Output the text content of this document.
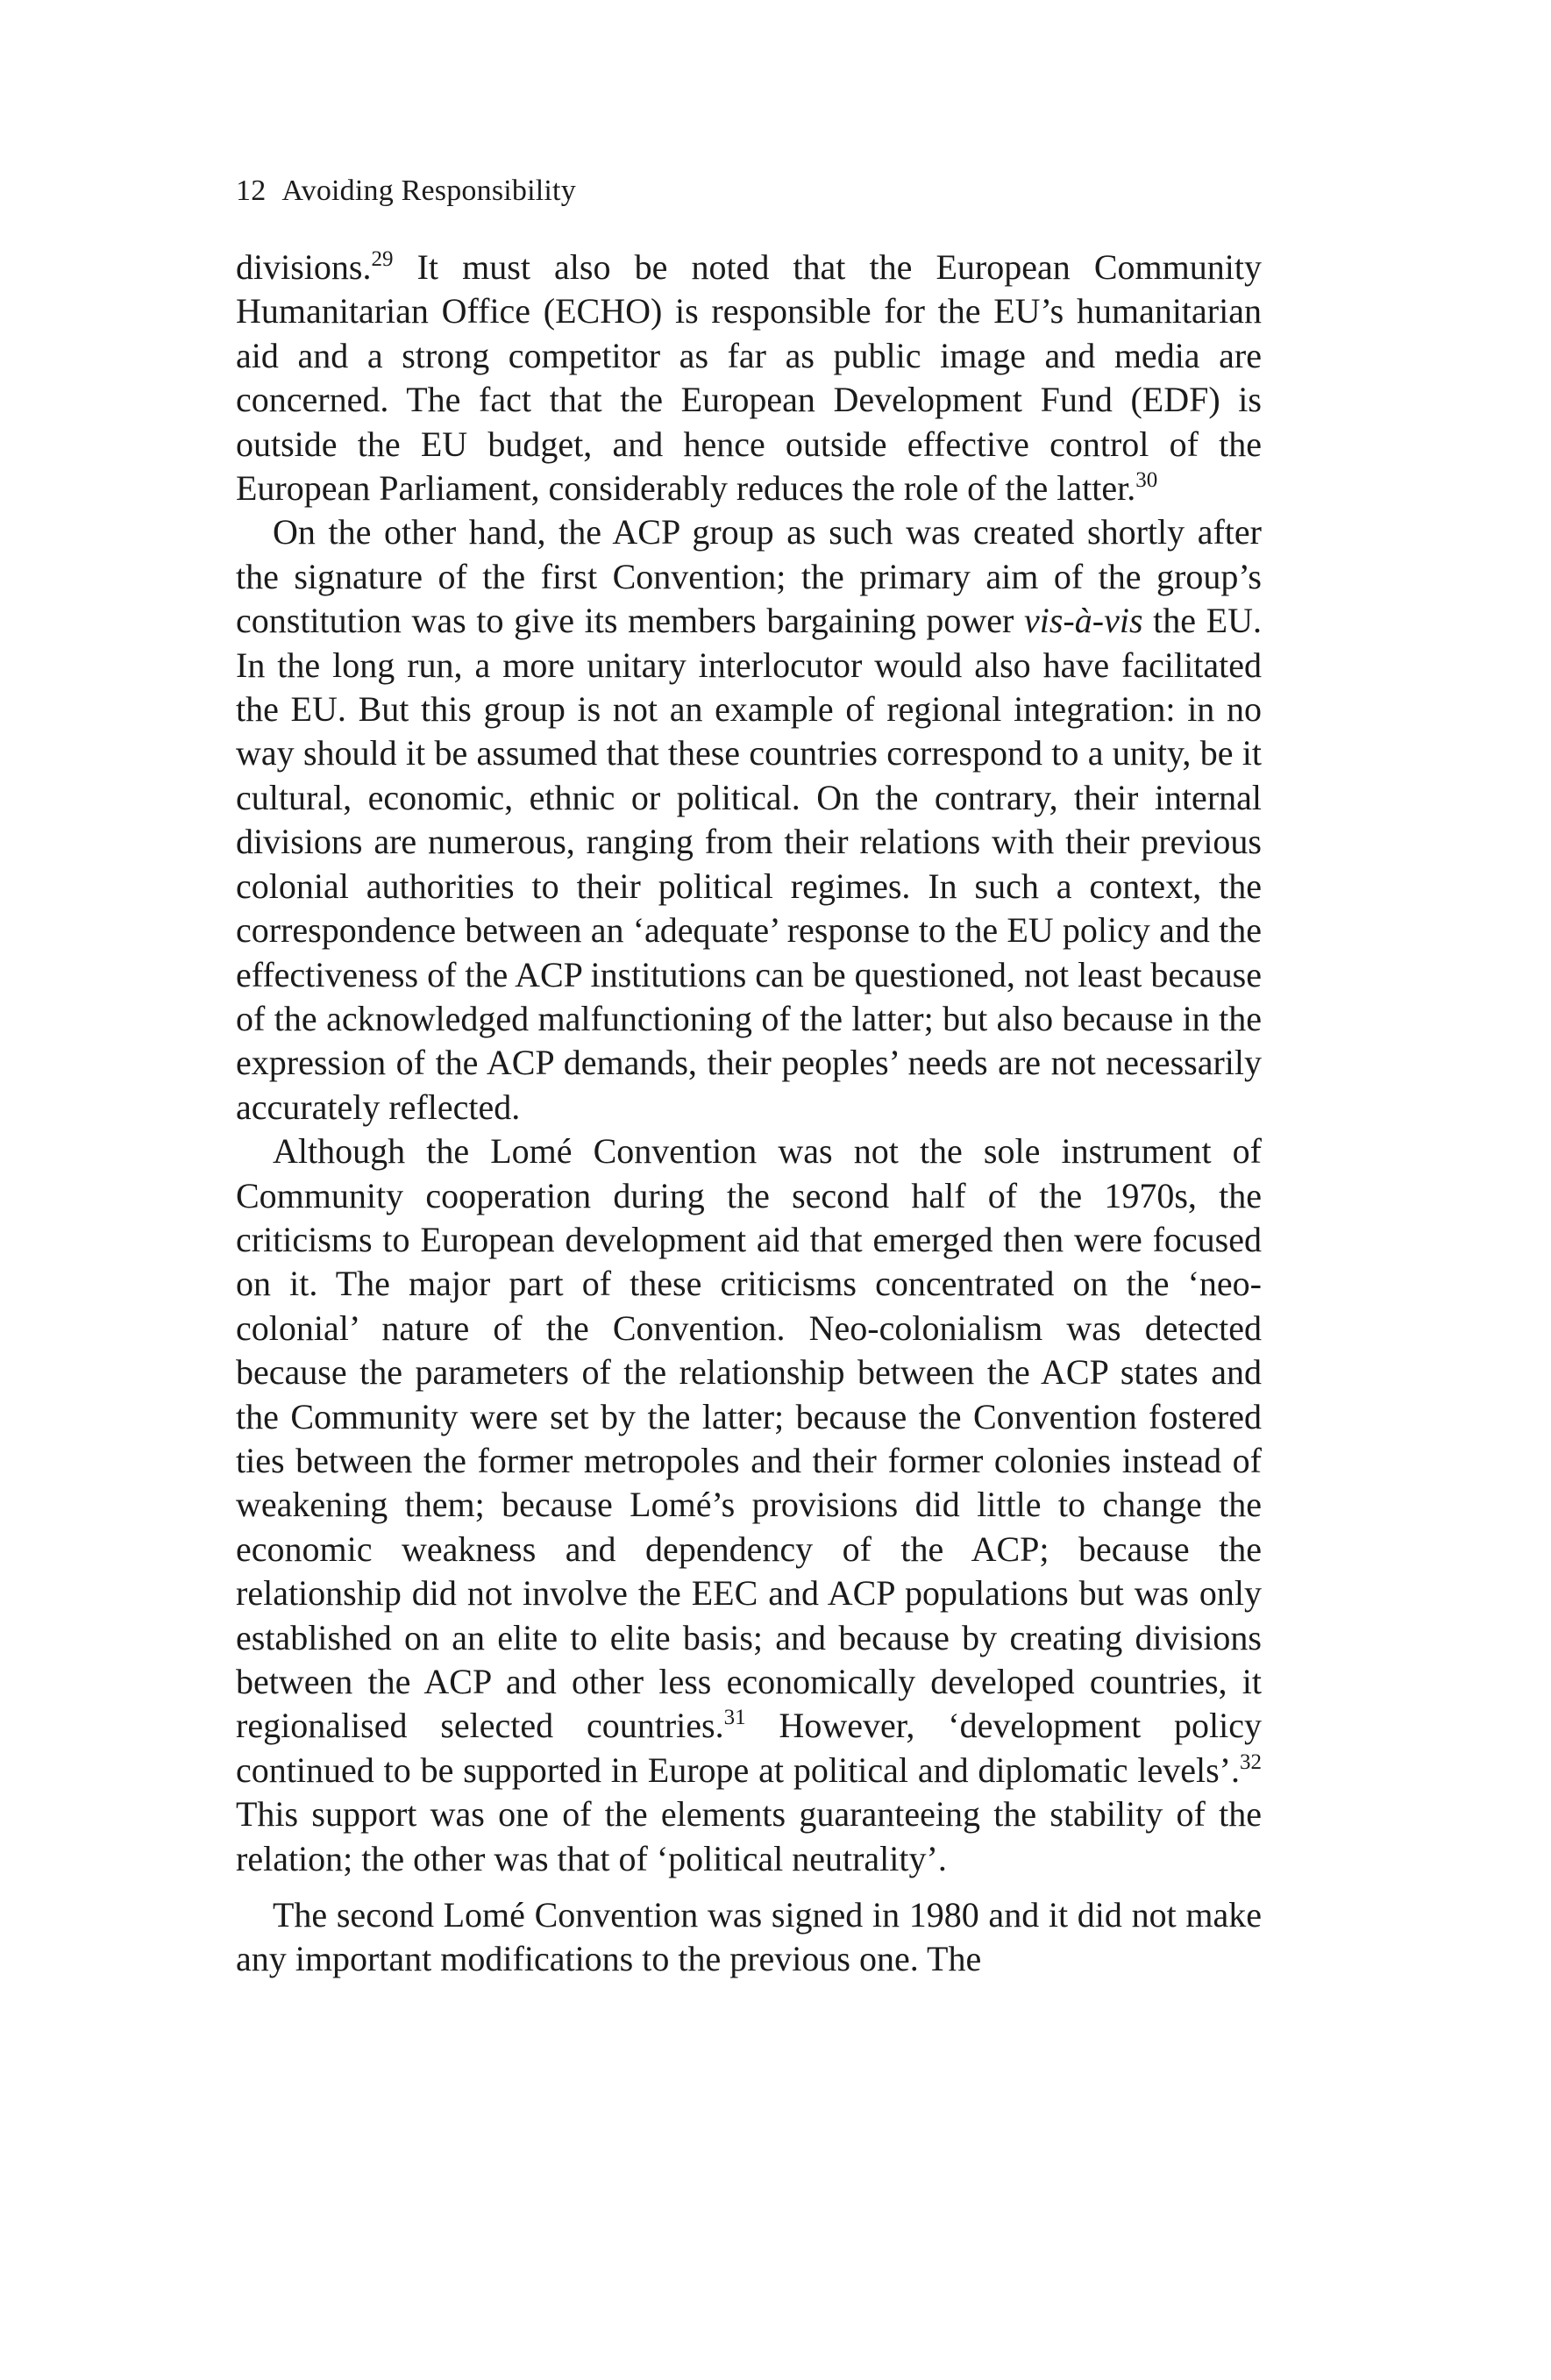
12 Avoiding Responsibility

divisions.$^{29}$ It must also be noted that the European Community Humanitarian Office (ECHO) is responsible for the EU’s humanitarian aid and a strong competitor as far as public image and media are concerned. The fact that the European Development Fund (EDF) is outside the EU budget, and hence outside effective control of the European Parliament, considerably reduces the role of the latter.$^{30}$

On the other hand, the ACP group as such was created shortly after the signature of the first Convention; the primary aim of the group’s constitution was to give its members bargaining power vis-à-vis the EU. In the long run, a more unitary interlocutor would also have facilitated the EU. But this group is not an example of regional integration: in no way should it be assumed that these countries correspond to a unity, be it cultural, economic, ethnic or political. On the contrary, their internal divisions are numerous, ranging from their relations with their previous colonial authorities to their political regimes. In such a context, the correspondence between an ‘adequate’ response to the EU policy and the effectiveness of the ACP institutions can be questioned, not least because of the acknowledged malfunctioning of the latter; but also because in the expression of the ACP demands, their peoples’ needs are not necessarily accurately reflected.

Although the Lomé Convention was not the sole instrument of Community cooperation during the second half of the 1970s, the criticisms to European development aid that emerged then were focused on it. The major part of these criticisms concentrated on the ‘neo-colonial’ nature of the Convention. Neo-colonialism was detected because the parameters of the relationship between the ACP states and the Community were set by the latter; because the Convention fostered ties between the former metropoles and their former colonies instead of weakening them; because Lomé’s provisions did little to change the economic weakness and dependency of the ACP; because the relationship did not involve the EEC and ACP populations but was only established on an elite to elite basis; and because by creating divisions between the ACP and other less economically developed countries, it regionalised selected countries.$^{31}$ However, ‘development policy continued to be supported in Europe at political and diplomatic levels’.$^{32}$ This support was one of the elements guaranteeing the stability of the relation; the other was that of ‘political neutrality’.

The second Lomé Convention was signed in 1980 and it did not make any important modifications to the previous one. The
